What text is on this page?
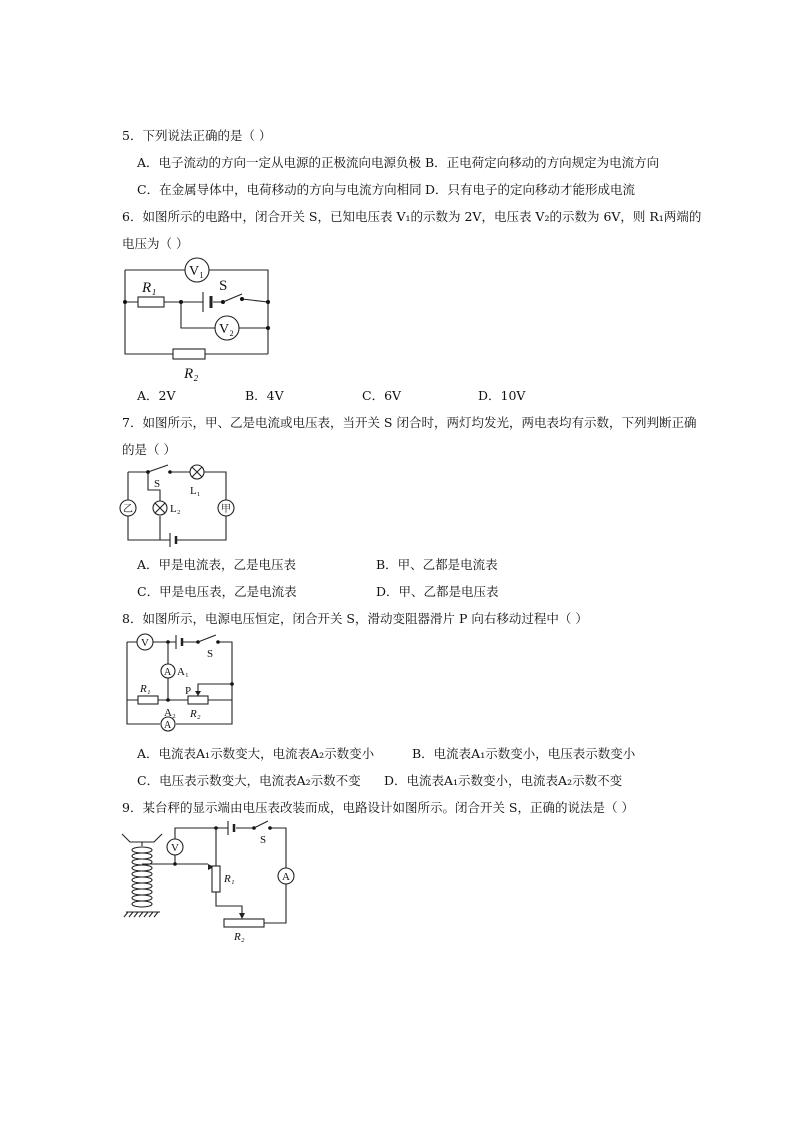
5．下列说法正确的是（ ）
A．电子流动的方向一定从电源的正极流向电源负极 B．正电荷定向移动的方向规定为电流方向
C．在金属导体中，电荷移动的方向与电流方向相同 D．只有电子的定向移动才能形成电流
6．如图所示的电路中，闭合开关 S，已知电压表 V₁的示数为 2V，电压表 V₂的示数为 6V，则 R₁两端的
电压为（ ）
V₁
R₁	S
V₂
R₂
A．2V	B．4V	C．6V	D．10V
7．如图所示，甲、乙是电流或电压表，当开关 S 闭合时，两灯均发光，两电表均有示数，下列判断正确
的是（ ）
S
L₁
L₂
乙	甲
A．甲是电流表，乙是电压表	B．甲、乙都是电流表
C．甲是电压表，乙是电流表	D．甲、乙都是电压表
8．如图所示，电源电压恒定，闭合开关 S，滑动变阻器滑片 P 向右移动过程中（ ）
V
S
A A₁
R₁
R₂
P
A
A₂
A．电流表A₁示数变大，电流表A₂示数变小	B．电流表A₁示数变小，电压表示数变小
C．电压表示数变大，电流表A₂示数不变 D．电流表A₁示数变小，电流表A₂示数不变
9．某台秤的显示端由电压表改装而成，电路设计如图所示。闭合开关 S，正确的说法是（ ）
V
S
R₁	A
R₂
